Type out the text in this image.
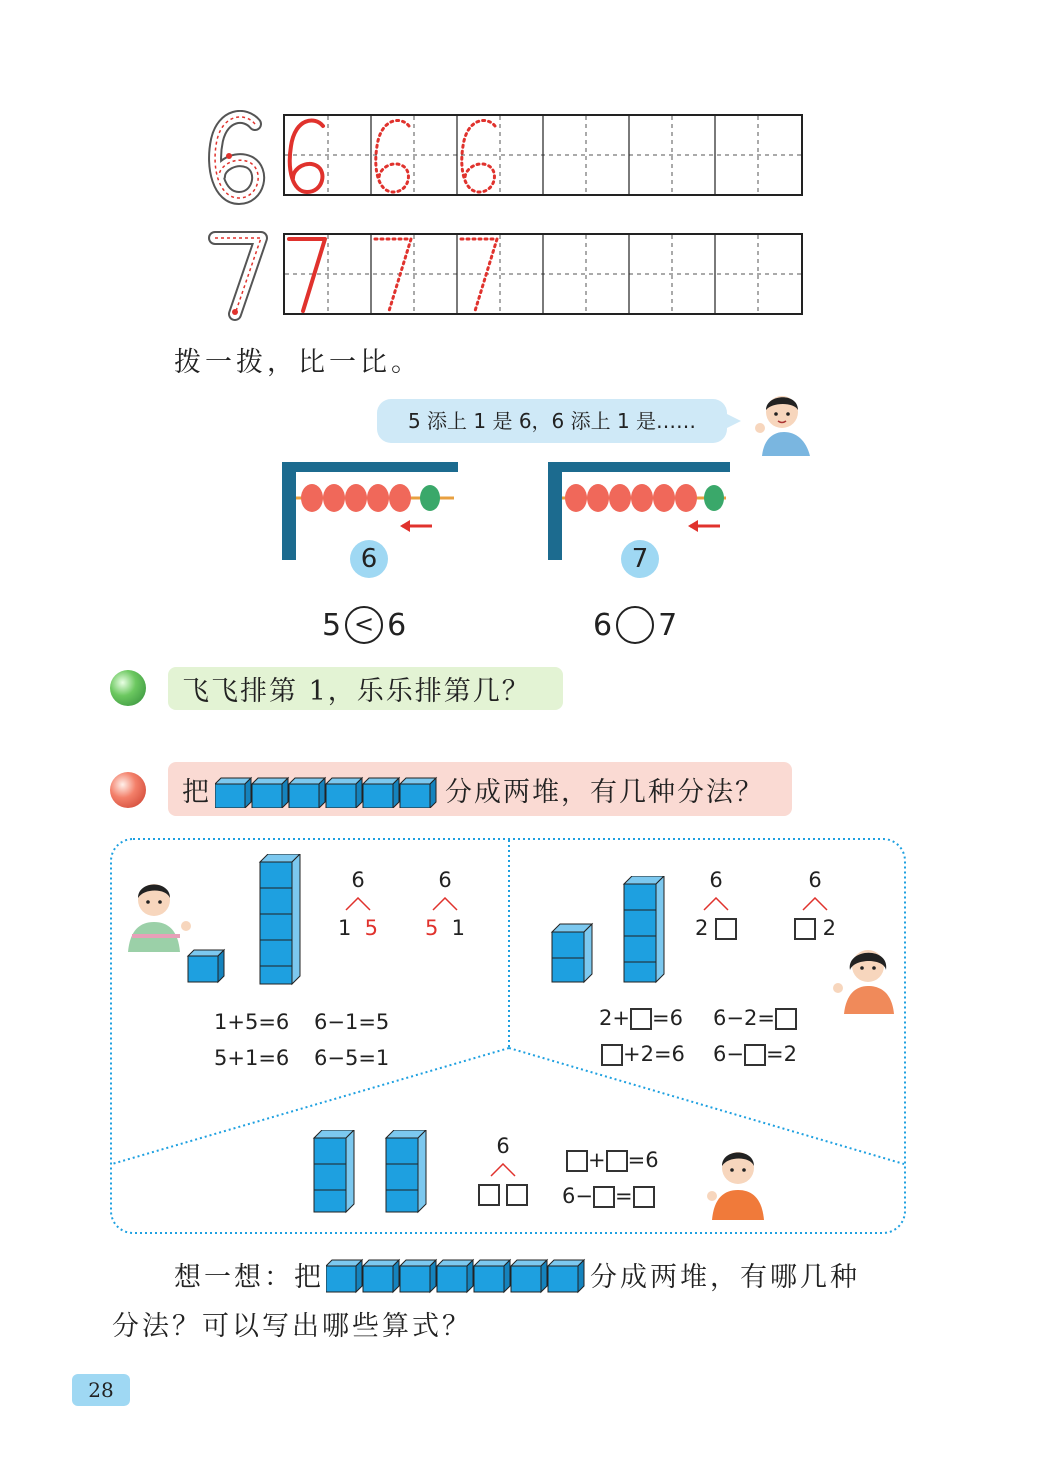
拨一拨，比一比。
5 添上 1 是 6，6 添上 1 是……
6	7
5 < 6	6 7
飞飞排第 1，乐乐排第几？
把	分成两堆，有几种分法？
6
1 5
6
5 1
1+5=6 6−1=5
5+1=6 6−5=1
6
2
6
2
2+ =6 6−2=
+2=6 6− =2
6
+ =6
6− =
想一想：把	分成两堆，有哪几种
分法？可以写出哪些算式？
28
